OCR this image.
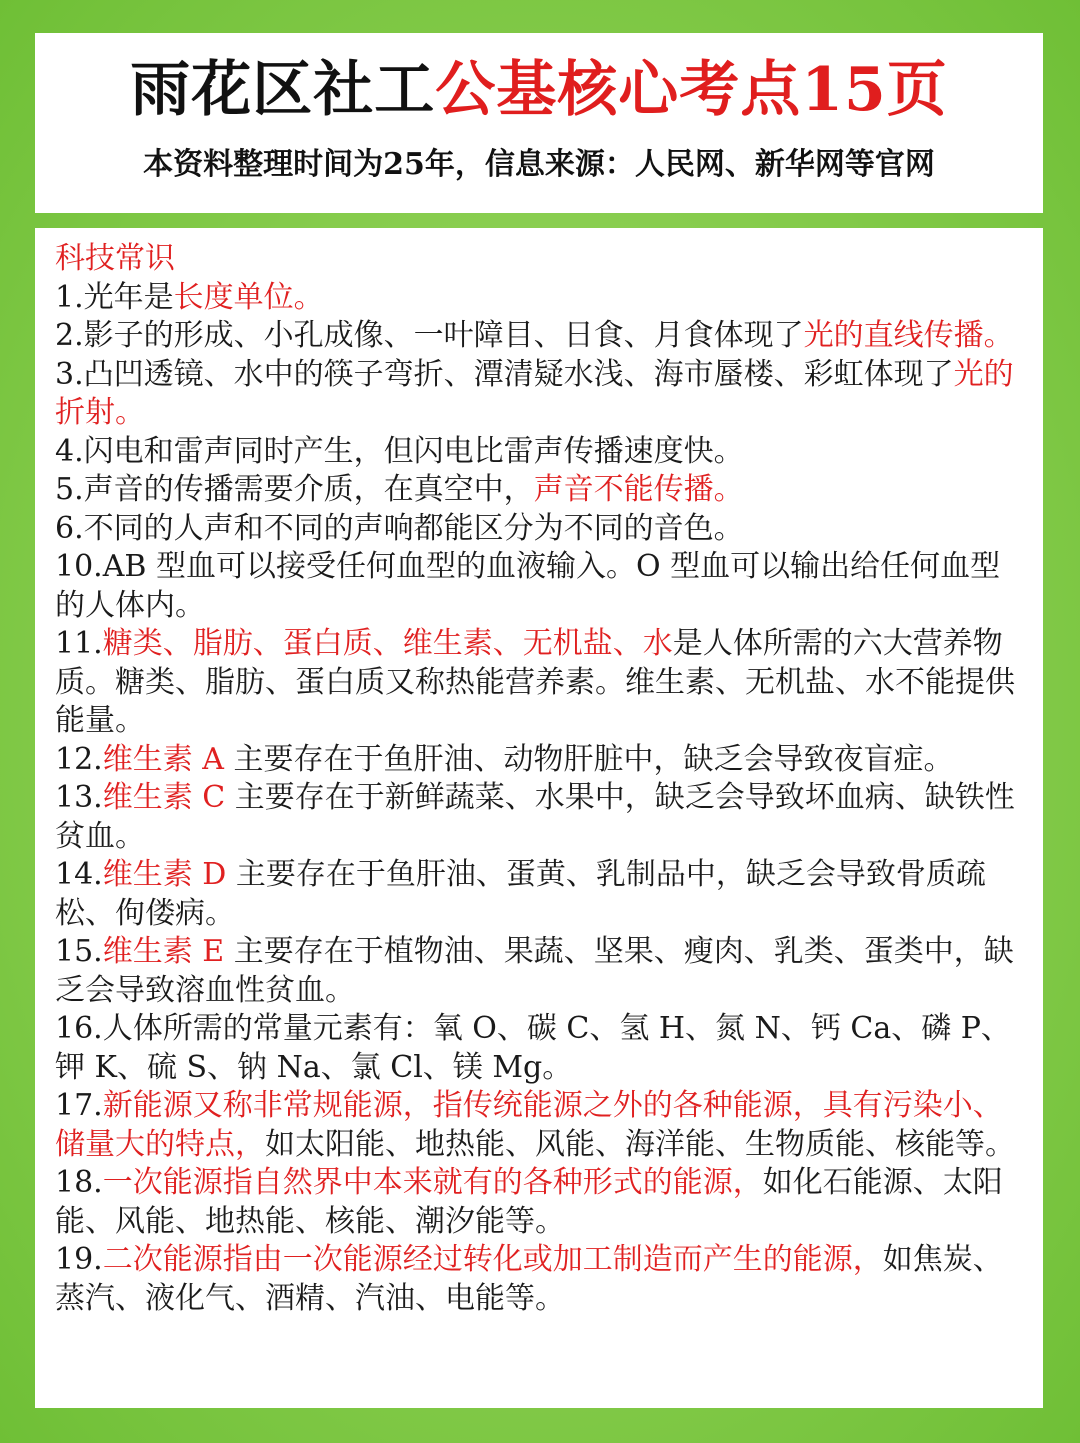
雨花区社工公基核心考点15页
本资料整理时间为25年，信息来源：人民网、新华网等官网
科技常识

1.光年是长度单位。

2.影子的形成、小孔成像、一叶障目、日食、月食体现了光的直线传播。

3.凸凹透镜、水中的筷子弯折、潭清疑水浅、海市蜃楼、彩虹体现了光的折射。

4.闪电和雷声同时产生，但闪电比雷声传播速度快。

5.声音的传播需要介质，在真空中，声音不能传播。

6.不同的人声和不同的声响都能区分为不同的音色。

10.AB 型血可以接受任何血型的血液输入。O 型血可以输出给任何血型的人体内。

11.糖类、脂肪、蛋白质、维生素、无机盐、水是人体所需的六大营养物质。糖类、脂肪、蛋白质又称热能营养素。维生素、无机盐、水不能提供能量。

12.维生素 A 主要存在于鱼肝油、动物肝脏中，缺乏会导致夜盲症。

13.维生素 C 主要存在于新鲜蔬菜、水果中，缺乏会导致坏血病、缺铁性贫血。

14.维生素 D 主要存在于鱼肝油、蛋黄、乳制品中，缺乏会导致骨质疏松、佝偻病。

15.维生素 E 主要存在于植物油、果蔬、坚果、瘦肉、乳类、蛋类中，缺乏会导致溶血性贫血。

16.人体所需的常量元素有：氧 O、碳 C、氢 H、氮 N、钙 Ca、磷 P、钾 K、硫 S、钠 Na、氯 Cl、镁 Mg。

17.新能源又称非常规能源，指传统能源之外的各种能源，具有污染小、储量大的特点，如太阳能、地热能、风能、海洋能、生物质能、核能等。

18.一次能源指自然界中本来就有的各种形式的能源，如化石能源、太阳能、风能、地热能、核能、潮汐能等。

19.二次能源指由一次能源经过转化或加工制造而产生的能源，如焦炭、蒸汽、液化气、酒精、汽油、电能等。
